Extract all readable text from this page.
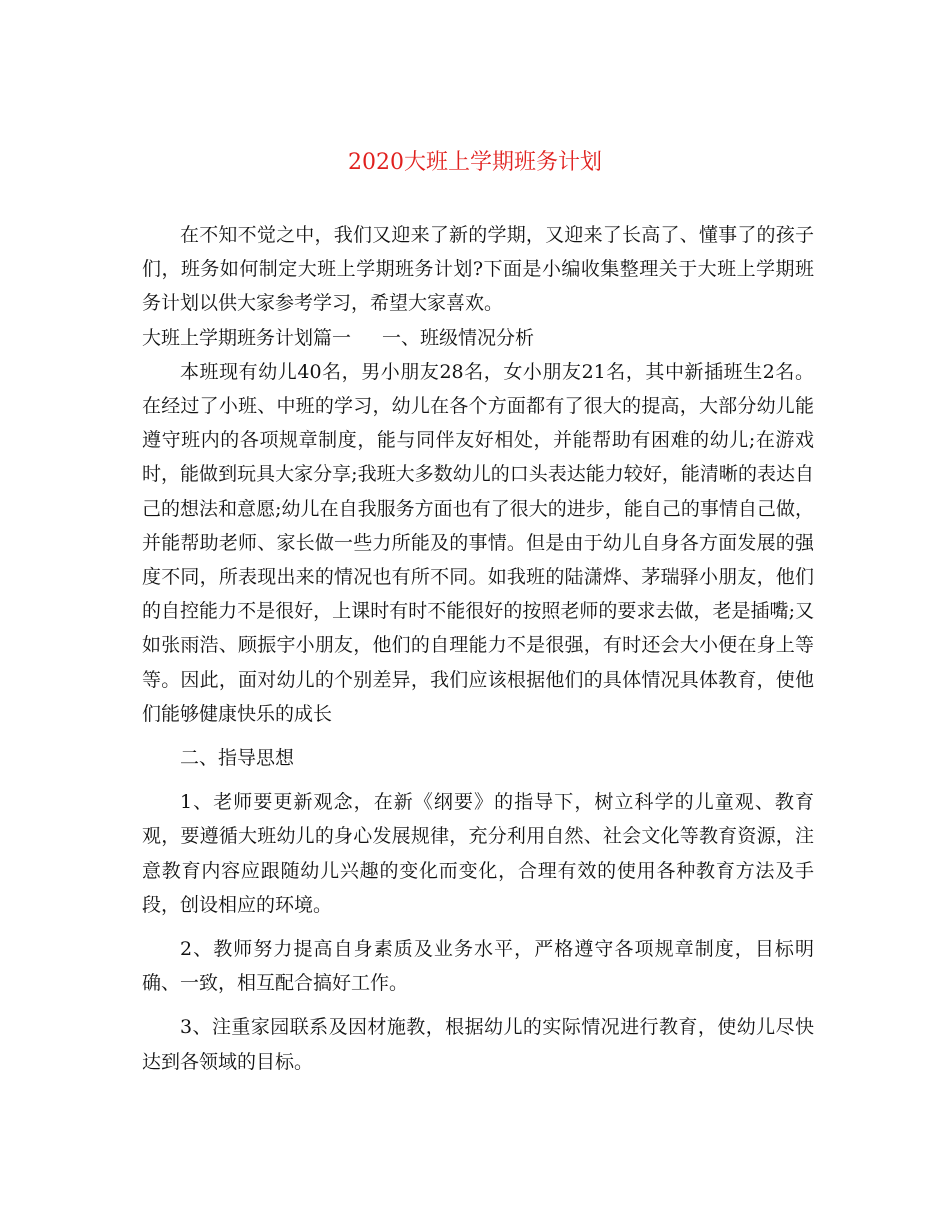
2020大班上学期班务计划

在不知不觉之中，我们又迎来了新的学期，又迎来了长高了、懂事了的孩子们，班务如何制定大班上学期班务计划?下面是小编收集整理关于大班上学期班务计划以供大家参考学习，希望大家喜欢。

大班上学期班务计划篇一	一、班级情况分析

本班现有幼儿40名，男小朋友28名，女小朋友21名，其中新插班生2名。在经过了小班、中班的学习，幼儿在各个方面都有了很大的提高，大部分幼儿能遵守班内的各项规章制度，能与同伴友好相处，并能帮助有困难的幼儿;在游戏时，能做到玩具大家分享;我班大多数幼儿的口头表达能力较好，能清晰的表达自己的想法和意愿;幼儿在自我服务方面也有了很大的进步，能自己的事情自己做，并能帮助老师、家长做一些力所能及的事情。但是由于幼儿自身各方面发展的强度不同，所表现出来的情况也有所不同。如我班的陆潇烨、茅瑞驿小朋友，他们的自控能力不是很好，上课时有时不能很好的按照老师的要求去做，老是插嘴;又如张雨浩、顾振宇小朋友，他们的自理能力不是很强，有时还会大小便在身上等等。因此，面对幼儿的个别差异，我们应该根据他们的具体情况具体教育，使他们能够健康快乐的成长

二、指导思想

1、老师要更新观念，在新《纲要》的指导下，树立科学的儿童观、教育观，要遵循大班幼儿的身心发展规律，充分利用自然、社会文化等教育资源，注意教育内容应跟随幼儿兴趣的变化而变化，合理有效的使用各种教育方法及手段，创设相应的环境。

2、教师努力提高自身素质及业务水平，严格遵守各项规章制度，目标明确、一致，相互配合搞好工作。

3、注重家园联系及因材施教，根据幼儿的实际情况进行教育，使幼儿尽快达到各领域的目标。
